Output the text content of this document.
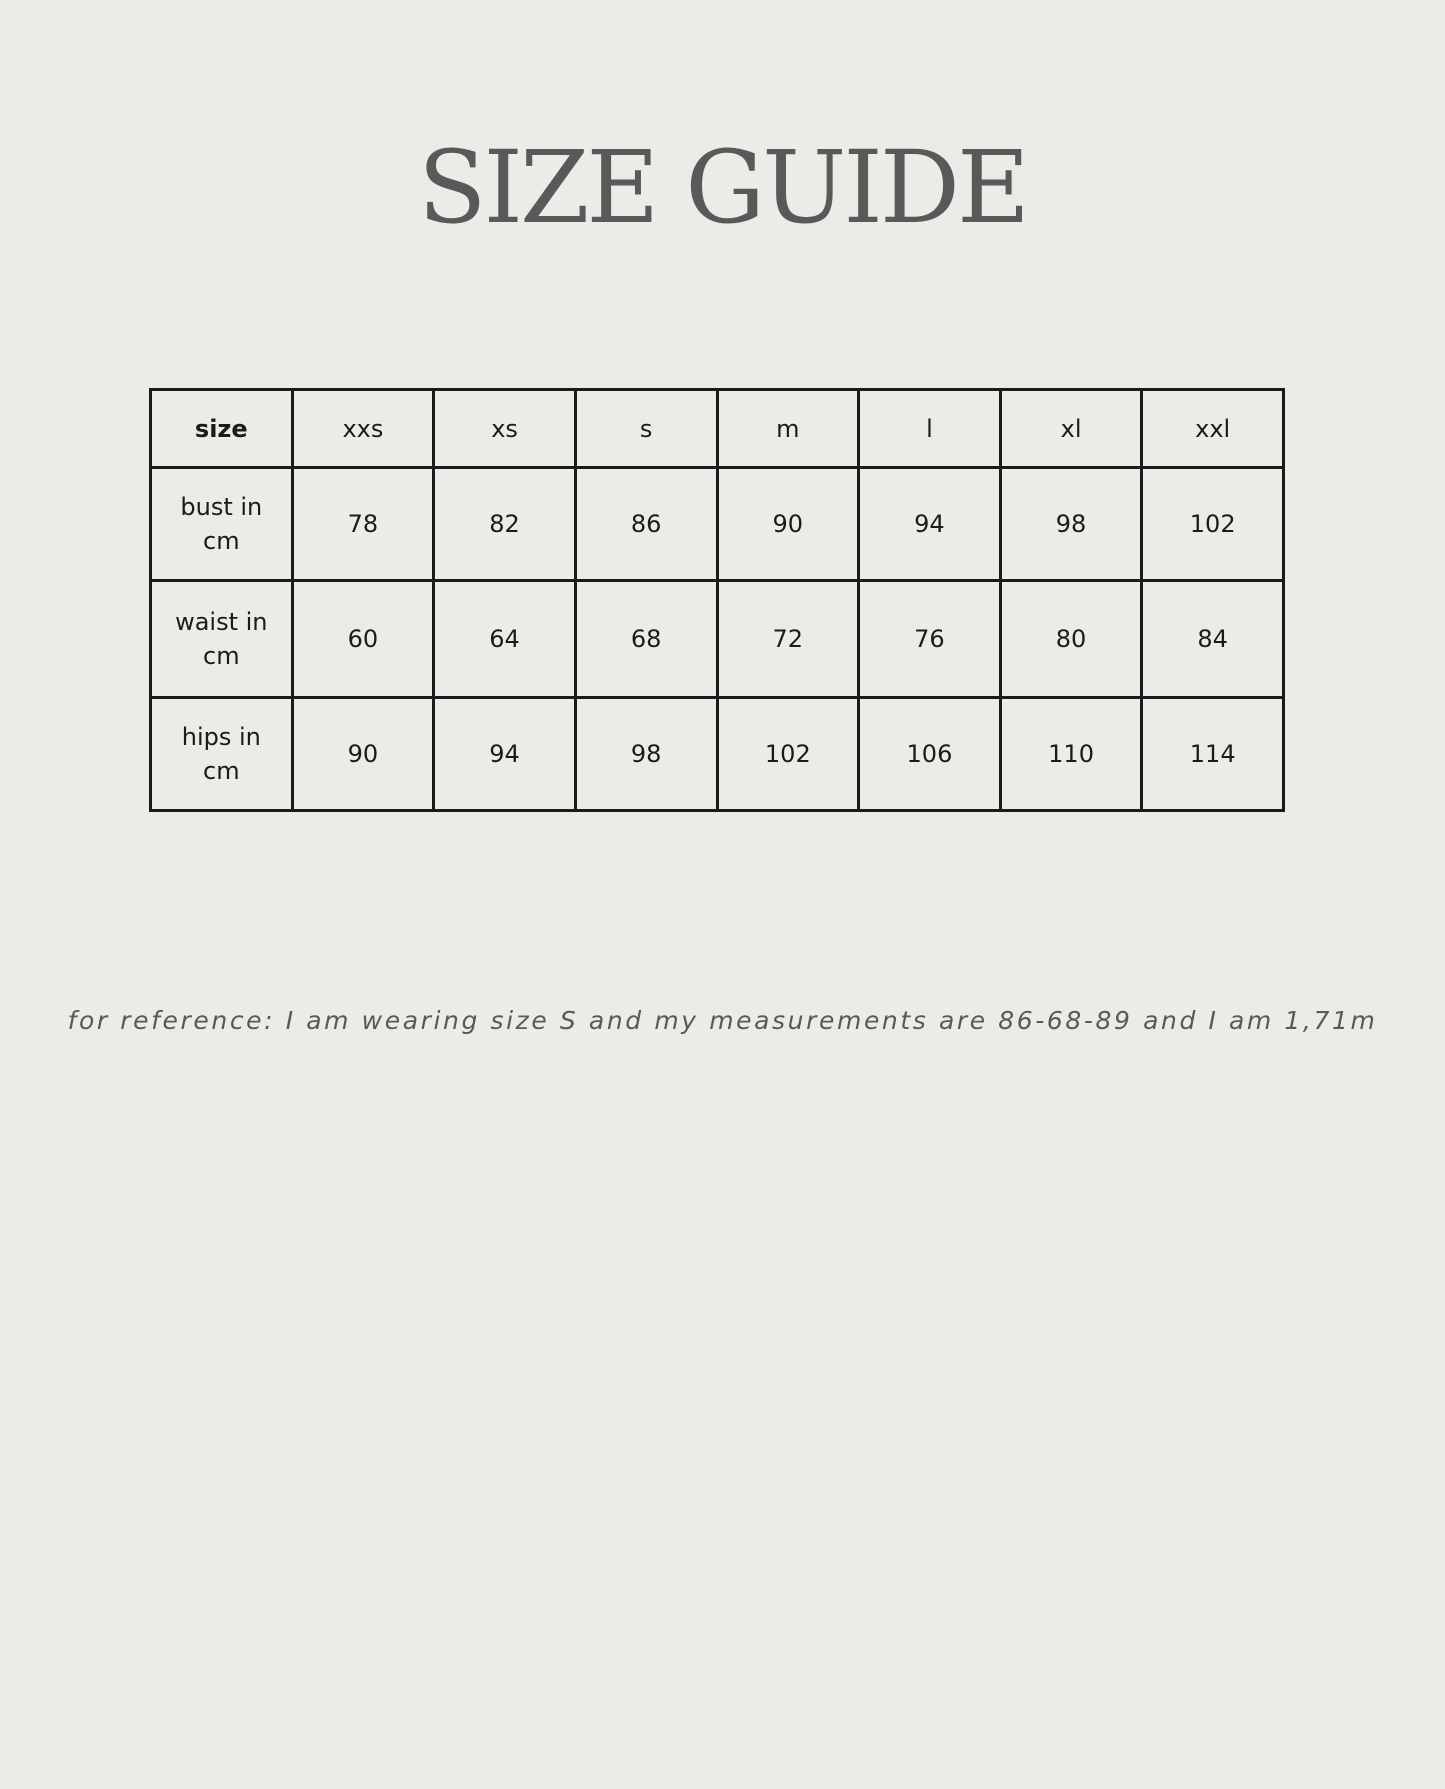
SIZE GUIDE
size	xxs	xs	s	m	l	xl	xxl
bust in cm	78	82	86	90	94	98	102
waist in cm	60	64	68	72	76	80	84
hips in cm	90	94	98	102	106	110	114

for reference: I am wearing size S and my measurements are 86-68-89 and I am 1,71m
